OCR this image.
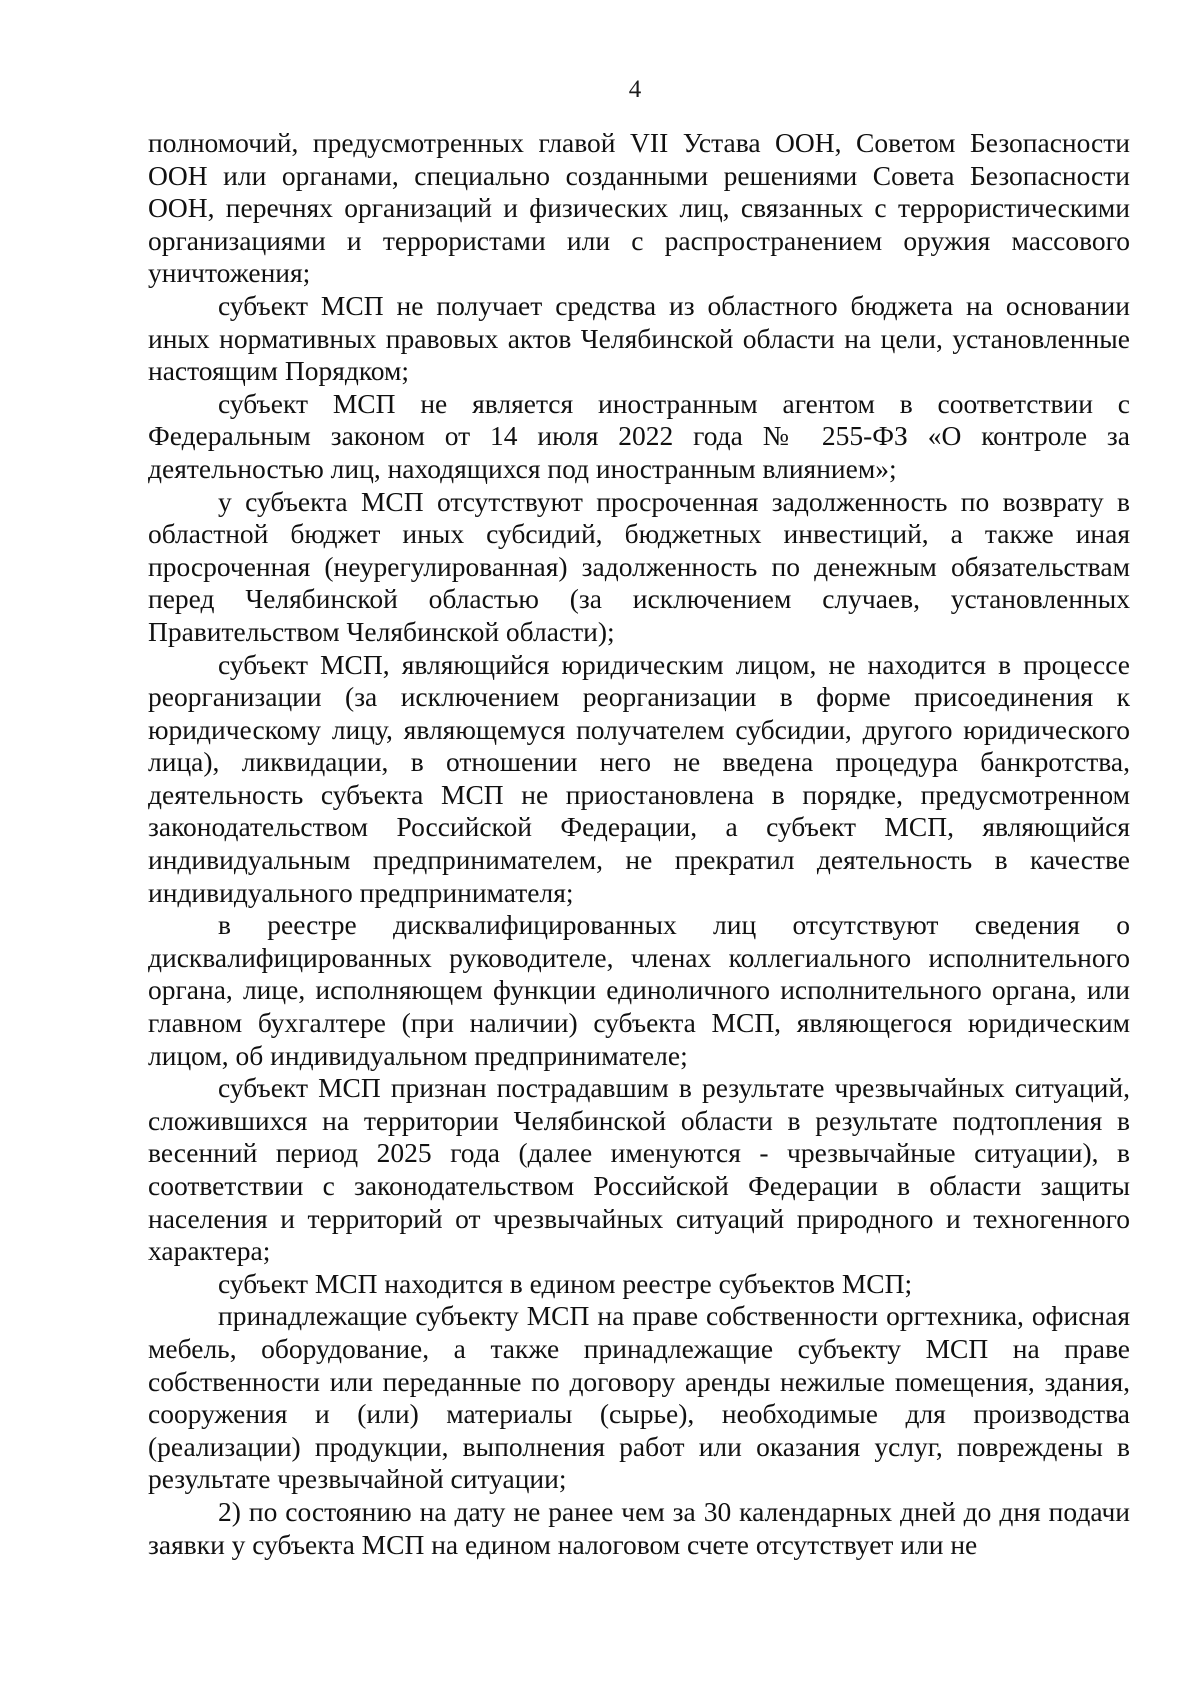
4

полномочий, предусмотренных главой VII Устава ООН, Советом Безопасности ООН или органами, специально созданными решениями Совета Безопасности ООН, перечнях организаций и физических лиц, связанных с террористическими организациями и террористами или с распространением оружия массового уничтожения;

субъект МСП не получает средства из областного бюджета на основании иных нормативных правовых актов Челябинской области на цели, установленные настоящим Порядком;

субъект МСП не является иностранным агентом в соответствии с Федеральным законом от 14 июля 2022 года № 255-ФЗ «О контроле за деятельностью лиц, находящихся под иностранным влиянием»;

у субъекта МСП отсутствуют просроченная задолженность по возврату в областной бюджет иных субсидий, бюджетных инвестиций, а также иная просроченная (неурегулированная) задолженность по денежным обязательствам перед Челябинской областью (за исключением случаев, установленных Правительством Челябинской области);

субъект МСП, являющийся юридическим лицом, не находится в процессе реорганизации (за исключением реорганизации в форме присоединения к юридическому лицу, являющемуся получателем субсидии, другого юридического лица), ликвидации, в отношении него не введена процедура банкротства, деятельность субъекта МСП не приостановлена в порядке, предусмотренном законодательством Российской Федерации, а субъект МСП, являющийся индивидуальным предпринимателем, не прекратил деятельность в качестве индивидуального предпринимателя;

в реестре дисквалифицированных лиц отсутствуют сведения о дисквалифицированных руководителе, членах коллегиального исполнительного органа, лице, исполняющем функции единоличного исполнительного органа, или главном бухгалтере (при наличии) субъекта МСП, являющегося юридическим лицом, об индивидуальном предпринимателе;

субъект МСП признан пострадавшим в результате чрезвычайных ситуаций, сложившихся на территории Челябинской области в результате подтопления в весенний период 2025 года (далее именуются - чрезвычайные ситуации), в соответствии с законодательством Российской Федерации в области защиты населения и территорий от чрезвычайных ситуаций природного и техногенного характера;

субъект МСП находится в едином реестре субъектов МСП;

принадлежащие субъекту МСП на праве собственности оргтехника, офисная мебель, оборудование, а также принадлежащие субъекту МСП на праве собственности или переданные по договору аренды нежилые помещения, здания, сооружения и (или) материалы (сырье), необходимые для производства (реализации) продукции, выполнения работ или оказания услуг, повреждены в результате чрезвычайной ситуации;

2) по состоянию на дату не ранее чем за 30 календарных дней до дня подачи заявки у субъекта МСП на едином налоговом счете отсутствует или не
